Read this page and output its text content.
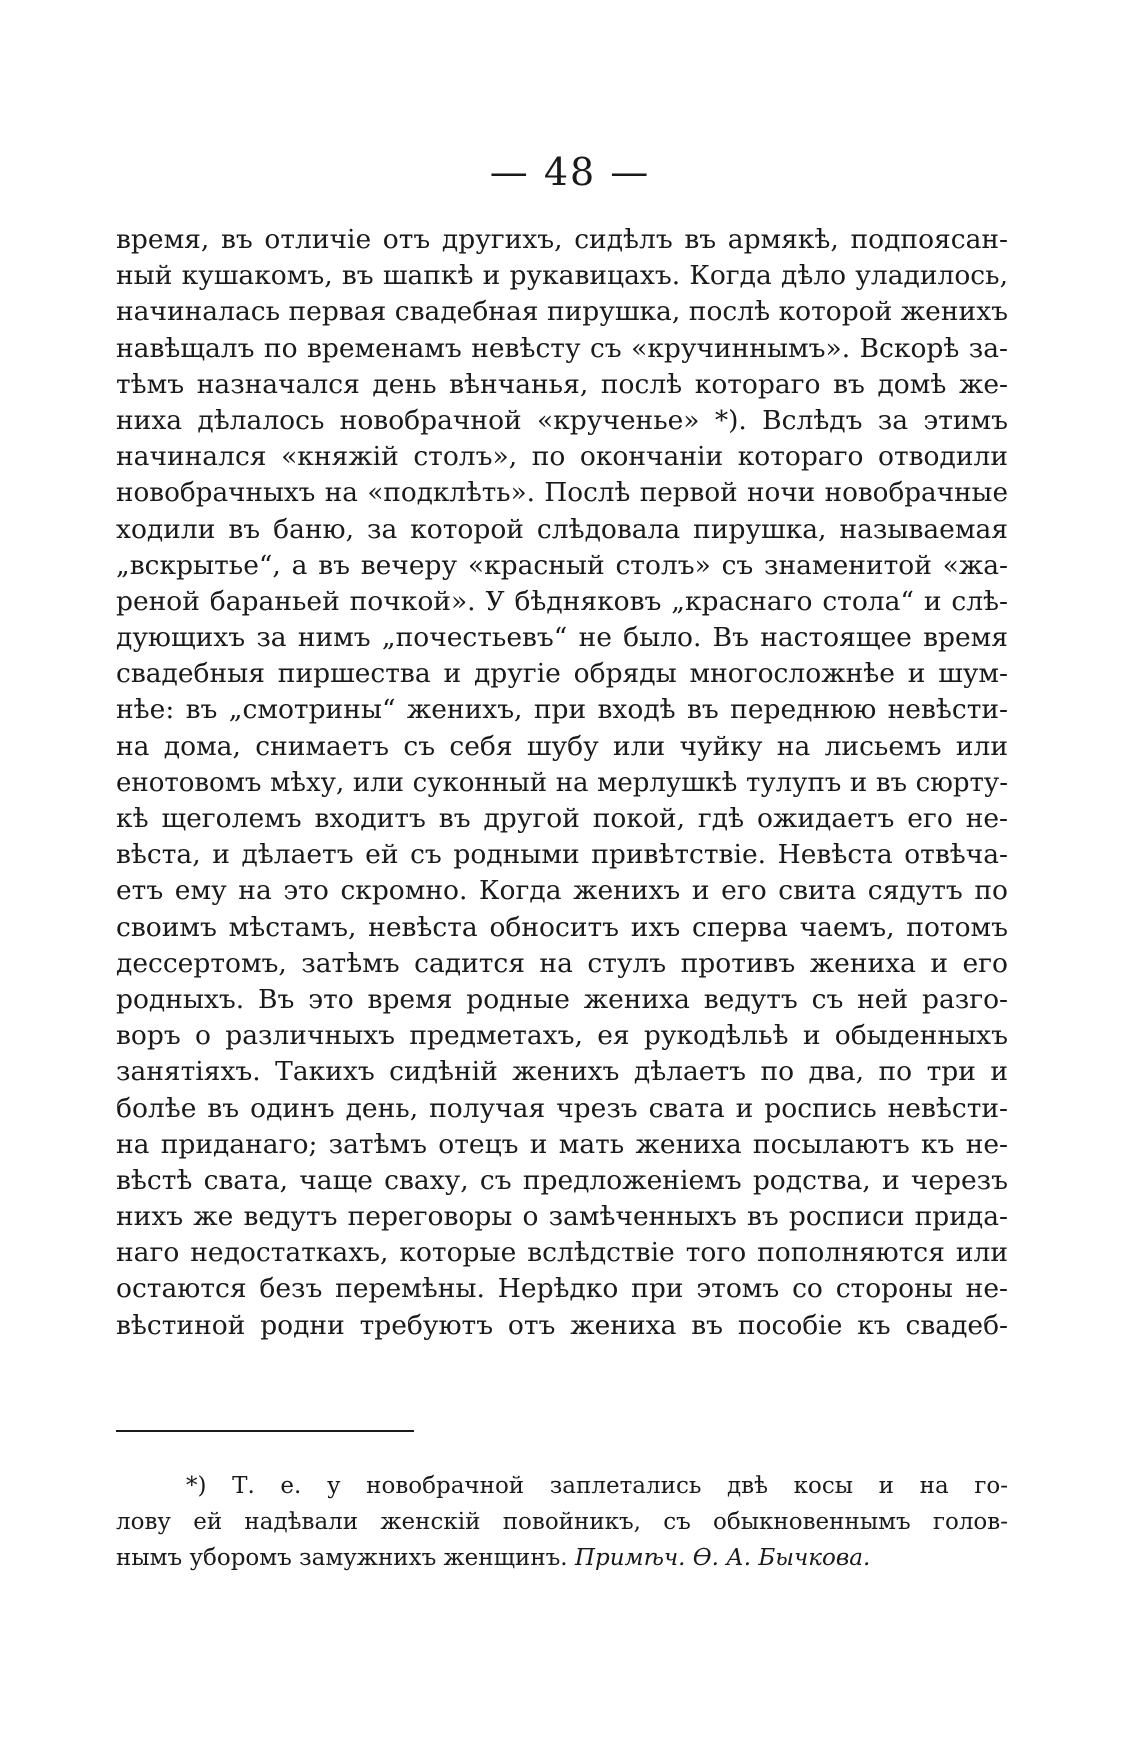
— 48 —
время, въ отличіе отъ другихъ, сидѣлъ въ армякѣ, подпоясан-
ный кушакомъ, въ шапкѣ и рукавицахъ. Когда дѣло уладилось,
начиналась первая свадебная пирушка, послѣ которой женихъ
навѣщалъ по временамъ невѣсту съ «кручиннымъ». Вскорѣ за-
тѣмъ назначался день вѣнчанья, послѣ котораго въ домѣ же-
ниха дѣлалось новобрачной «крученье» *). Вслѣдъ за этимъ
начинался «княжій столъ», по окончаніи котораго отводили
новобрачныхъ на «подклѣть». Послѣ первой ночи новобрачные
ходили въ баню, за которой слѣдовала пирушка, называемая
„вскрытье“, а въ вечеру «красный столъ» съ знаменитой «жа-
реной бараньей почкой». У бѣдняковъ „краснаго стола“ и слѣ-
дующихъ за нимъ „почестьевъ“ не было. Въ настоящее время
свадебныя пиршества и другіе обряды многосложнѣе и шум-
нѣе: въ „смотрины“ женихъ, при входѣ въ переднюю невѣсти-
на дома, снимаетъ съ себя шубу или чуйку на лисьемъ или
енотовомъ мѣху, или суконный на мерлушкѣ тулупъ и въ сюрту-
кѣ щеголемъ входитъ въ другой покой, гдѣ ожидаетъ его не-
вѣста, и дѣлаетъ ей съ родными привѣтствіе. Невѣста отвѣча-
етъ ему на это скромно. Когда женихъ и его свита сядутъ по
своимъ мѣстамъ, невѣста обноситъ ихъ сперва чаемъ, потомъ
дессертомъ, затѣмъ садится на стулъ противъ жениха и его
родныхъ. Въ это время родные жениха ведутъ съ ней разго-
воръ о различныхъ предметахъ, ея рукодѣльѣ и обыденныхъ
занятіяхъ. Такихъ сидѣній женихъ дѣлаетъ по два, по три и
болѣе въ одинъ день, получая чрезъ свата и роспись невѣсти-
на приданаго; затѣмъ отецъ и мать жениха посылаютъ къ не-
вѣстѣ свата, чаще сваху, съ предложеніемъ родства, и черезъ
нихъ же ведутъ переговоры о замѣченныхъ въ росписи прида-
наго недостаткахъ, которые вслѣдствіе того пополняются или
остаются безъ перемѣны. Нерѣдко при этомъ со стороны не-
вѣстиной родни требуютъ отъ жениха въ пособіе къ свадеб-
*) Т. е. у новобрачной заплетались двѣ косы и на го-
лову ей надѣвали женскій повойникъ, съ обыкновеннымъ голов-
нымъ уборомъ замужнихъ женщинъ. Примѣч. Ѳ. А. Бычкова.
